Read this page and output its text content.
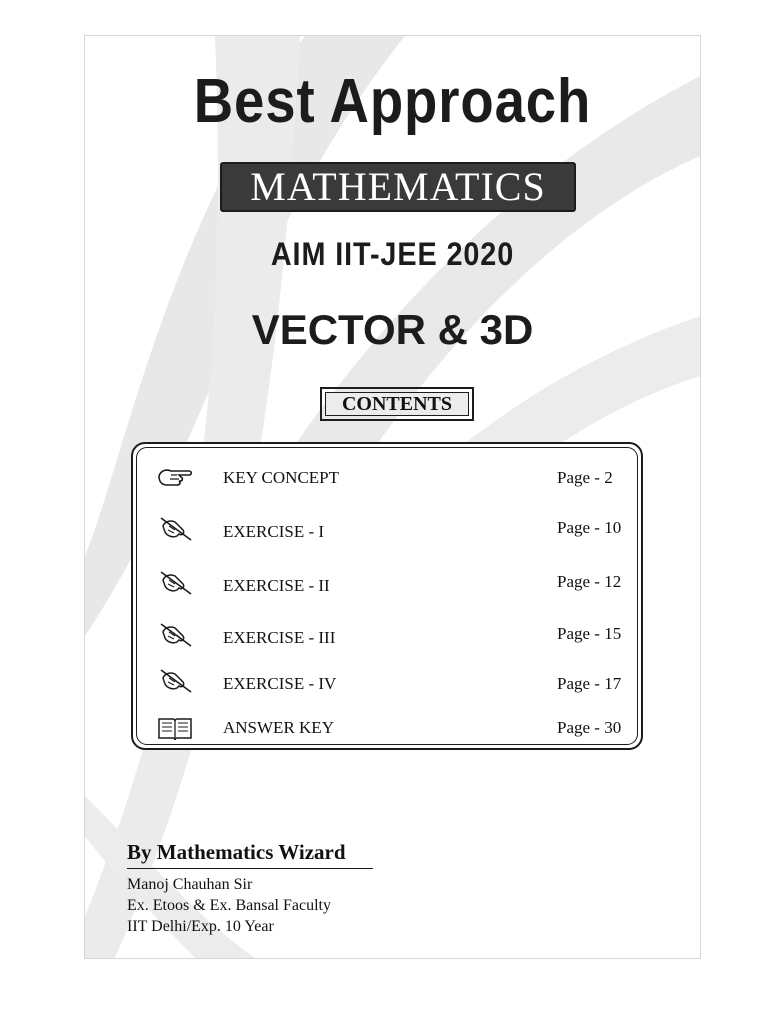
Best Approach
MATHEMATICS
AIM IIT-JEE 2020
VECTOR & 3D
CONTENTS
KEY CONCEPT	Page - 2
EXERCISE - I	Page - 10
EXERCISE - II	Page - 12
EXERCISE - III	Page - 15
EXERCISE - IV	Page - 17
ANSWER KEY	Page - 30
By Mathematics Wizard
Manoj Chauhan Sir
Ex. Etoos & Ex. Bansal Faculty
IIT Delhi/Exp. 10 Year
